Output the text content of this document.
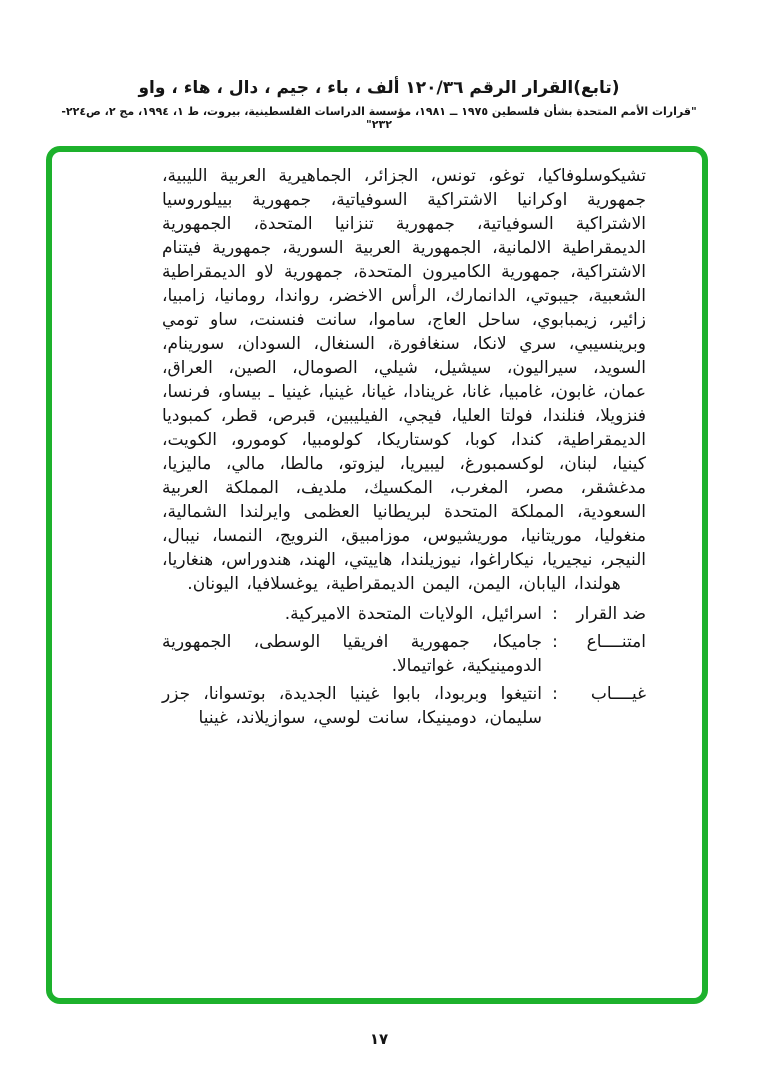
(تابع)القرار الرقم ١٢٠/٣٦ ألف ، باء ، جيم ، دال ، هاء ، واو
"قرارات الأمم المتحدة بشأن فلسطين ١٩٧٥ ــ ١٩٨١، مؤسسة الدراسات الفلسطينية، بيروت، ط ١، ١٩٩٤، مج ٢، ص٢٢٤- ٢٣٢"
تشيكوسلوفاكيا، توغو، تونس، الجزائر، الجماهيرية العربية الليبية، جمهورية اوكرانيا الاشتراكية السوفياتية، جمهورية بييلوروسيا الاشتراكية السوفياتية، جمهورية تنزانيا المتحدة، الجمهورية الديمقراطية الالمانية، الجمهورية العربية السورية، جمهورية فيتنام الاشتراكية، جمهورية الكاميرون المتحدة، جمهورية لاو الديمقراطية الشعبية، جيبوتي، الدانمارك، الرأس الاخضر، رواندا، رومانيا، زامبيا، زائير، زيمبابوي، ساحل العاج، ساموا، سانت فنسنت، ساو تومي وبرينسيبي، سري لانكا، سنغافورة، السنغال، السودان، سورينام، السويد، سيراليون، سيشيل، شيلي، الصومال، الصين، العراق، عمان، غابون، غامبيا، غانا، غرينادا، غيانا، غينيا، غينيا ـ بيساو، فرنسا، فنزويلا، فنلندا، فولتا العليا، فيجي، الفيليبين، قبرص، قطر، كمبوديا الديمقراطية، كندا، كوبا، كوستاريكا، كولومبيا، كومورو، الكويت، كينيا، لبنان، لوكسمبورغ، ليبيريا، ليزوتو، مالطا، مالي، ماليزيا، مدغشقر، مصر، المغرب، المكسيك، ملديف، المملكة العربية السعودية، المملكة المتحدة لبريطانيا العظمى وايرلندا الشمالية، منغوليا، موريتانيا، موريشيوس، موزامبيق، النرويج، النمسا، نيبال، النيجر، نيجيريا، نيكاراغوا، نيوزيلندا، هاييتي، الهند، هندوراس، هنغاريا، هولندا، اليابان، اليمن، اليمن الديمقراطية، يوغسلافيا، اليونان.
ضد القرار
:
اسرائيل، الولايات المتحدة الاميركية.
امتنــــاع
:
جاميكا، جمهورية افريقيا الوسطى، الجمهورية الدومينيكية، غواتيمالا.
غيــــاب
:
انتيغوا وبربودا، بابوا غينيا الجديدة، بوتسوانا، جزر سليمان، دومينيكا، سانت لوسي، سوازيلاند، غينيا
١٧
